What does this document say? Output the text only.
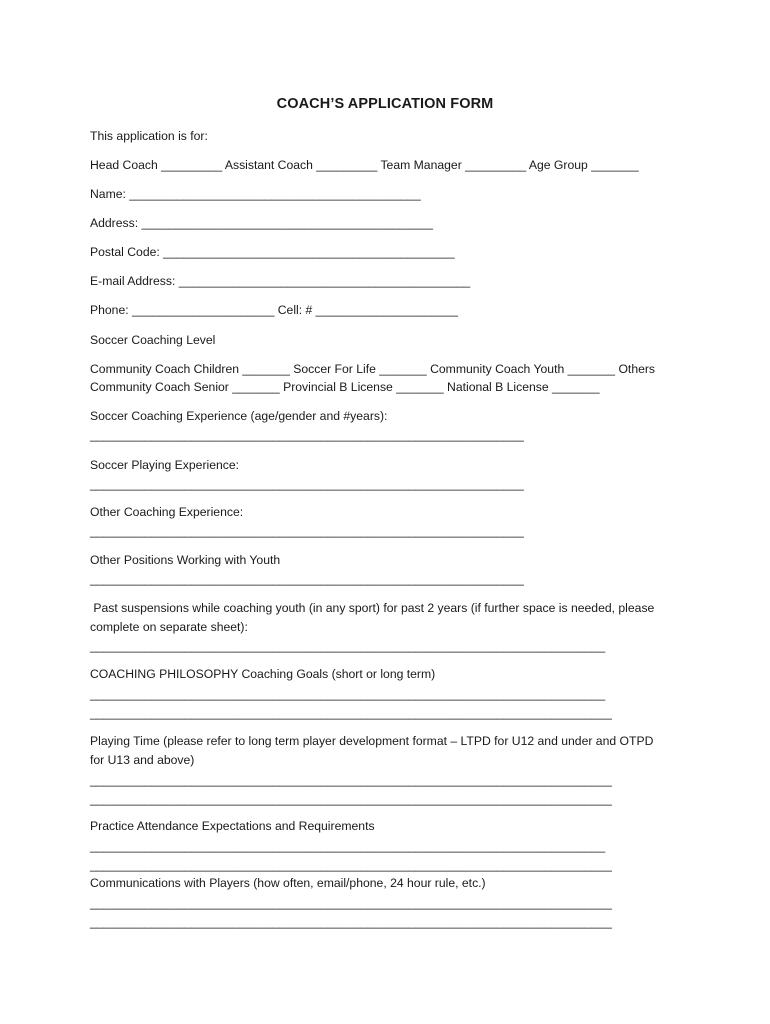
COACH’S APPLICATION FORM
This application is for:
Head Coach _________ Assistant Coach _________ Team Manager _________ Age Group _______
Name: ___________________________________________
Address: ___________________________________________
Postal Code: ___________________________________________
E-mail Address: ___________________________________________
Phone: _____________________ Cell: # _____________________
Soccer Coaching Level
Community Coach Children _______ Soccer For Life _______ Community Coach Youth _______ Others
Community Coach Senior _______ Provincial B License _______ National B License _______
Soccer Coaching Experience (age/gender and #years):
________________________________________________________________
Soccer Playing Experience:
________________________________________________________________
Other Coaching Experience:
________________________________________________________________
Other Positions Working with Youth
________________________________________________________________
Past suspensions while coaching youth (in any sport) for past 2 years (if further space is needed, please
complete on separate sheet):
____________________________________________________________________________
COACHING PHILOSOPHY Coaching Goals (short or long term)
____________________________________________________________________________
_____________________________________________________________________________
Playing Time (please refer to long term player development format – LTPD for U12 and under and OTPD
for U13 and above)
_____________________________________________________________________________
_____________________________________________________________________________
Practice Attendance Expectations and Requirements
____________________________________________________________________________
_____________________________________________________________________________
Communications with Players (how often, email/phone, 24 hour rule, etc.)
_____________________________________________________________________________
_____________________________________________________________________________
